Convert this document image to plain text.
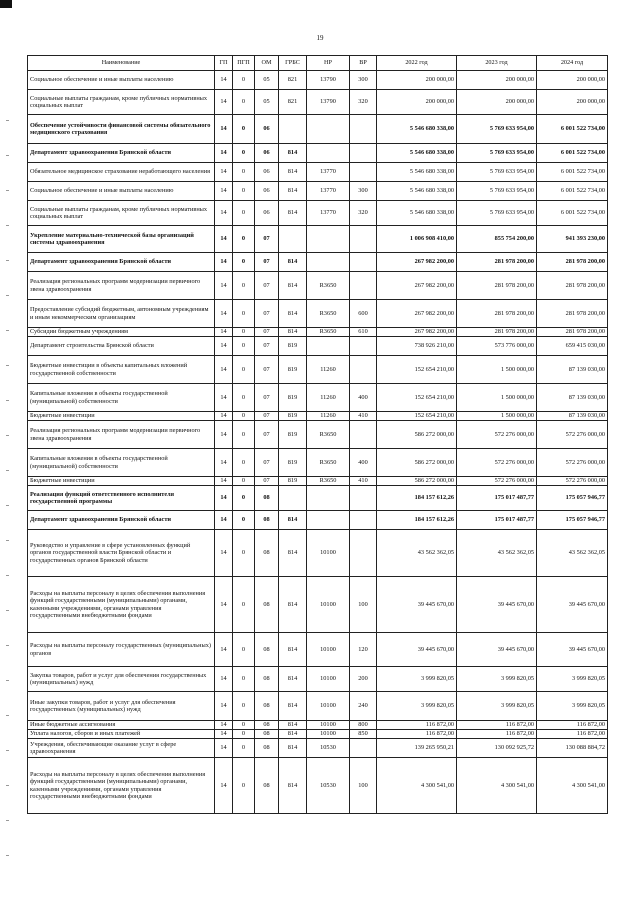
19
Наименование	ГП	ПГП	ОМ	ГРБС	НР	ВР	2022 год	2023 год	2024 год
Социальное обеспечение и иные выплаты населению	14	0	05	821	13790	300	200 000,00	200 000,00	200 000,00
Социальные выплаты гражданам, кроме публичных нормативных социальных выплат	14	0	05	821	13790	320	200 000,00	200 000,00	200 000,00
Обеспечение устойчивости финансовой системы обязательного медицинского страхования	14	0	06				5 546 680 338,00	5 769 633 954,00	6 001 522 734,00
Департамент здравоохранения Брянской области	14	0	06	814			5 546 680 338,00	5 769 633 954,00	6 001 522 734,00
Обязательное медицинское страхование неработающего населения	14	0	06	814	13770		5 546 680 338,00	5 769 633 954,00	6 001 522 734,00
Социальное обеспечение и иные выплаты населению	14	0	06	814	13770	300	5 546 680 338,00	5 769 633 954,00	6 001 522 734,00
Социальные выплаты гражданам, кроме публичных нормативных социальных выплат	14	0	06	814	13770	320	5 546 680 338,00	5 769 633 954,00	6 001 522 734,00
Укрепление материально-технической базы организаций системы здравоохранения	14	0	07				1 006 908 410,00	855 754 200,00	941 393 230,00
Департамент здравоохранения Брянской области	14	0	07	814			267 982 200,00	281 978 200,00	281 978 200,00
Реализация региональных программ модернизации первичного звена здравоохранения	14	0	07	814	R3650		267 982 200,00	281 978 200,00	281 978 200,00
Предоставление субсидий бюджетным, автономным учреждениям и иным некоммерческим организациям	14	0	07	814	R3650	600	267 982 200,00	281 978 200,00	281 978 200,00
Субсидии бюджетным учреждениям	14	0	07	814	R3650	610	267 982 200,00	281 978 200,00	281 978 200,00
Департамент строительства Брянской области	14	0	07	819			738 926 210,00	573 776 000,00	659 415 030,00
Бюджетные инвестиции в объекты капитальных вложений государственной собственности	14	0	07	819	11260		152 654 210,00	1 500 000,00	87 139 030,00
Капитальные вложения в объекты государственной (муниципальной) собственности	14	0	07	819	11260	400	152 654 210,00	1 500 000,00	87 139 030,00
Бюджетные инвестиции	14	0	07	819	11260	410	152 654 210,00	1 500 000,00	87 139 030,00
Реализация региональных программ модернизации первичного звена здравоохранения	14	0	07	819	R3650		586 272 000,00	572 276 000,00	572 276 000,00
Капитальные вложения в объекты государственной (муниципальной) собственности	14	0	07	819	R3650	400	586 272 000,00	572 276 000,00	572 276 000,00
Бюджетные инвестиции	14	0	07	819	R3650	410	586 272 000,00	572 276 000,00	572 276 000,00
Реализация функций ответственного исполнителя государственной программы	14	0	08				184 157 612,26	175 017 487,77	175 057 946,77
Департамент здравоохранения Брянской области	14	0	08	814			184 157 612,26	175 017 487,77	175 057 946,77
Руководство и управление в сфере установленных функций органов государственной власти Брянской области и государственных органов Брянской области	14	0	08	814	10100		43 562 362,05	43 562 362,05	43 562 362,05
Расходы на выплаты персоналу в целях обеспечения выполнения функций государственными (муниципальными) органами, казенными учреждениями, органами управления государственными внебюджетными фондами	14	0	08	814	10100	100	39 445 670,00	39 445 670,00	39 445 670,00
Расходы на выплаты персоналу государственных (муниципальных) органов	14	0	08	814	10100	120	39 445 670,00	39 445 670,00	39 445 670,00
Закупка товаров, работ и услуг для обеспечения государственных (муниципальных) нужд	14	0	08	814	10100	200	3 999 820,05	3 999 820,05	3 999 820,05
Иные закупки товаров, работ и услуг для обеспечения государственных (муниципальных) нужд	14	0	08	814	10100	240	3 999 820,05	3 999 820,05	3 999 820,05
Иные бюджетные ассигнования	14	0	08	814	10100	800	116 872,00	116 872,00	116 872,00
Уплата налогов, сборов и иных платежей	14	0	08	814	10100	850	116 872,00	116 872,00	116 872,00
Учреждения, обеспечивающие оказание услуг в сфере здравоохранения	14	0	08	814	10530		139 265 950,21	130 092 925,72	130 088 884,72
Расходы на выплаты персоналу в целях обеспечения выполнения функций государственными (муниципальными) органами, казенными учреждениями, органами управления государственными внебюджетными фондами	14	0	08	814	10530	100	4 300 541,00	4 300 541,00	4 300 541,00
